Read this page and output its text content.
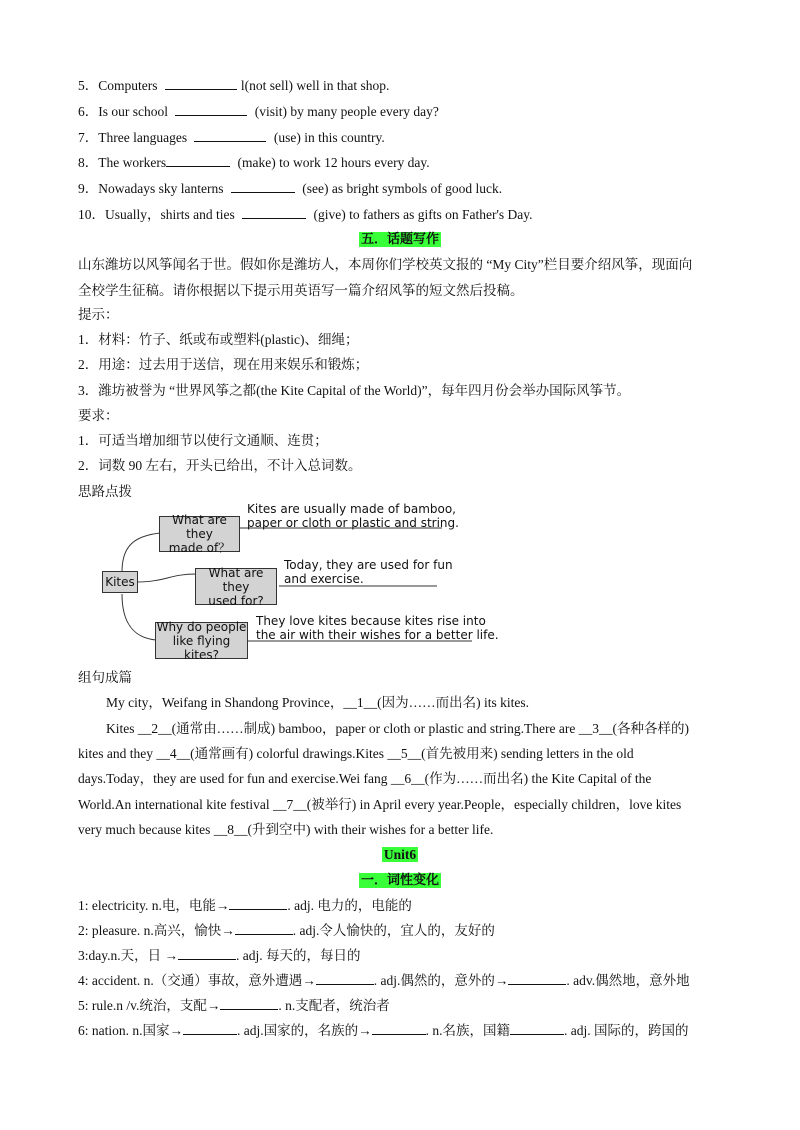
5．Computers	l(not sell) well in that shop.
6．Is our school	(visit) by many people every day?
7．Three languages	(use) in this country.
8．The workers	(make) to work 12 hours every day.
9．Nowadays sky lanterns	(see) as bright symbols of good luck.
10．Usually，shirts and ties	(give) to fathers as gifts on Father's Day.
五．话题写作
山东潍坊以风筝闻名于世。假如你是潍坊人，本周你们学校英文报的 “My City”栏目要介绍风筝，现面向
全校学生征稿。请你根据以下提示用英语写一篇介绍风筝的短文然后投稿。
提示：
1．材料：竹子、纸或布或塑料(plastic)、细绳；
2．用途：过去用于送信，现在用来娱乐和锻炼；
3．潍坊被誉为 “世界风筝之都(the Kite Capital of the World)”，每年四月份会举办国际风筝节。
要求：
1．可适当增加细节以使行文通顺、连贯；
2．词数 90 左右，开头已给出，不计入总词数。
思路点拨
Kites
What are they
made of？
Kites are usually made of bamboo,
paper or cloth or plastic and string.
What are they
used for?
Today, they are used for fun
and exercise.
Why do people
like flying kites?
They love kites because kites rise into
the air with their wishes for a better life.
组句成篇
My city，Weifang in Shandong Province，__1__(因为……而出名) its kites.
Kites __2__(通常由……制成) bamboo，paper or cloth or plastic and string.There are __3__(各种各样的)
kites and they __4__(通常画有) colorful drawings.Kites __5__(首先被用来) sending letters in the old
days.Today，they are used for fun and exercise.Wei fang __6__(作为……而出名) the Kite Capital of the
World.An international kite festival __7__(被举行) in April every year.People，especially children，love kites
very much because kites __8__(升到空中) with their wishes for a better life.
Unit6
一．词性变化
1: electricity. n.电，电能→	. adj. 电力的，电能的
2: pleasure. n.高兴，愉快→	. adj.令人愉快的，宜人的，友好的
3:day.n.天，日 →	. adj. 每天的，每日的
4: accident. n.（交通）事故，意外遭遇→	. adj.偶然的，意外的→	. adv.偶然地，意外地
5: rule.n /v.统治，支配→	. n.支配者，统治者
6: nation. n.国家→	. adj.国家的，名族的→	. n.名族，国籍	. adj. 国际的，跨国的
